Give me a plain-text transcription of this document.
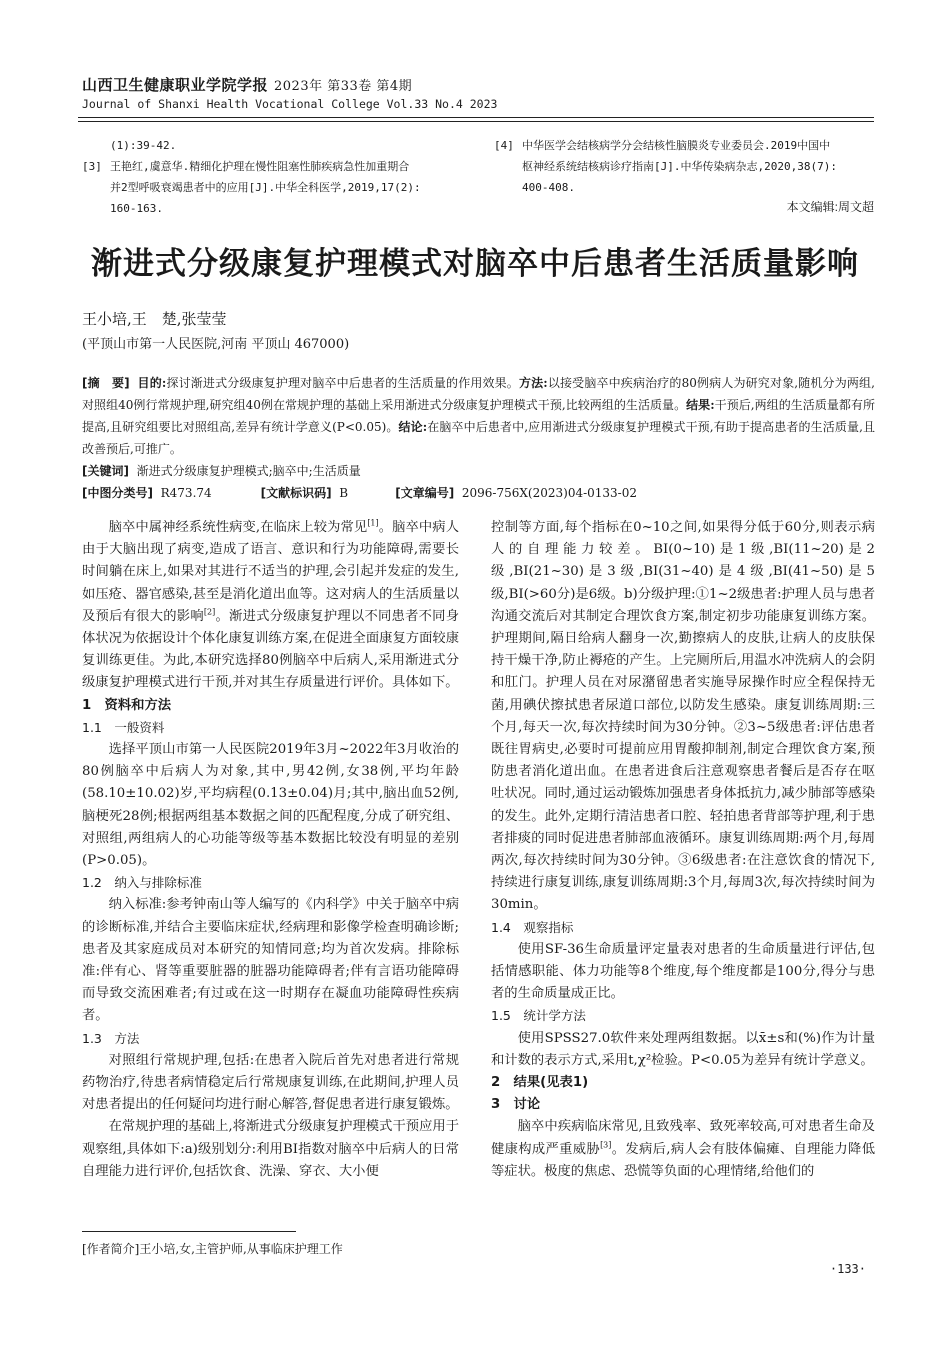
山西卫生健康职业学院学报 2023年 第33卷 第4期
Journal of Shanxi Health Vocational College Vol.33 No.4 2023
(1):39-42.
[3] 王艳红,虞意华.精细化护理在慢性阻塞性肺疾病急性加重期合
并2型呼吸衰竭患者中的应用[J].中华全科医学,2019,17(2):
160-163.
[4] 中华医学会结核病学分会结核性脑膜炎专业委员会.2019中国中
枢神经系统结核病诊疗指南[J].中华传染病杂志,2020,38(7):
400-408.
本文编辑:周文超
渐进式分级康复护理模式对脑卒中后患者生活质量影响
王小培,王　楚,张莹莹
(平顶山市第一人民医院,河南 平顶山 467000)

[摘　要] 目的:探讨渐进式分级康复护理对脑卒中后患者的生活质量的作用效果。方法:以接受脑卒中疾病治疗的80例病人为研究对象,随机分为两组,对照组40例行常规护理,研究组40例在常规护理的基础上采用渐进式分级康复护理模式干预,比较两组的生活质量。结果:干预后,两组的生活质量都有所提高,且研究组要比对照组高,差异有统计学意义(P<0.05)。结论:在脑卒中后患者中,应用渐进式分级康复护理模式干预,有助于提高患者的生活质量,且改善预后,可推广。

[关键词] 渐进式分级康复护理模式;脑卒中;生活质量

[中图分类号]
R473.74	[文献标识码]
B	[文章编号]
2096-756X(2023)04-0133-02

脑卒中属神经系统性病变,在临床上较为常见[1]。脑卒中病人由于大脑出现了病变,造成了语言、意识和行为功能障碍,需要长时间躺在床上,如果对其进行不适当的护理,会引起并发症的发生,如压疮、器官感染,甚至是消化道出血等。这对病人的生活质量以及预后有很大的影响[2]。渐进式分级康复护理以不同患者不同身体状况为依据设计个体化康复训练方案,在促进全面康复方面较康复训练更佳。为此,本研究选择80例脑卒中后病人,采用渐进式分级康复护理模式进行干预,并对其生存质量进行评价。具体如下。

1　资料和方法

1.1　一般资料

选择平顶山市第一人民医院2019年3月~2022年3月收治的80例脑卒中后病人为对象,其中,男42例,女38例,平均年龄(58.10±10.02)岁,平均病程(0.13±0.04)月;其中,脑出血52例,脑梗死28例;根据两组基本数据之间的匹配程度,分成了研究组、对照组,两组病人的心功能等级等基本数据比较没有明显的差别(P>0.05)。

1.2　纳入与排除标准

纳入标准:参考钟南山等人编写的《内科学》中关于脑卒中病的诊断标准,并结合主要临床症状,经病理和影像学检查明确诊断;患者及其家庭成员对本研究的知情同意;均为首次发病。排除标准:伴有心、肾等重要脏器的脏器功能障碍者;伴有言语功能障碍而导致交流困难者;有过或在这一时期存在凝血功能障碍性疾病者。

1.3　方法

对照组行常规护理,包括:在患者入院后首先对患者进行常规药物治疗,待患者病情稳定后行常规康复训练,在此期间,护理人员对患者提出的任何疑问均进行耐心解答,督促患者进行康复锻炼。

在常规护理的基础上,将渐进式分级康复护理模式干预应用于观察组,具体如下:a)级别划分:利用BI指数对脑卒中后病人的日常自理能力进行评价,包括饮食、洗澡、穿衣、大小便

控制等方面,每个指标在0~10之间,如果得分低于60分,则表示病人的自理能力较差。BI(0~10)是1级,BI(11~20)是2级,BI(21~30)是3级,BI(31~40)是4级,BI(41~50)是5级,BI(>60分)是6级。b)分级护理:①1~2级患者:护理人员与患者沟通交流后对其制定合理饮食方案,制定初步功能康复训练方案。护理期间,隔日给病人翻身一次,勤擦病人的皮肤,让病人的皮肤保持干燥干净,防止褥疮的产生。上完厕所后,用温水冲洗病人的会阴和肛门。护理人员在对尿潴留患者实施导尿操作时应全程保持无菌,用碘伏擦拭患者尿道口部位,以防发生感染。康复训练周期:三个月,每天一次,每次持续时间为30分钟。②3~5级患者:评估患者既往胃病史,必要时可提前应用胃酸抑制剂,制定合理饮食方案,预防患者消化道出血。在患者进食后注意观察患者餐后是否存在呕吐状况。同时,通过运动锻炼加强患者身体抵抗力,减少肺部等感染的发生。此外,定期行清洁患者口腔、轻拍患者背部等护理,利于患者排痰的同时促进患者肺部血液循环。康复训练周期:两个月,每周两次,每次持续时间为30分钟。③6级患者:在注意饮食的情况下,持续进行康复训练,康复训练周期:3个月,每周3次,每次持续时间为30min。

1.4　观察指标

使用SF-36生命质量评定量表对患者的生命质量进行评估,包括情感职能、体力功能等8个维度,每个维度都是100分,得分与患者的生命质量成正比。

1.5　统计学方法

使用SPSS27.0软件来处理两组数据。以x̄±s和(%)作为计量和计数的表示方式,采用t,χ²检验。P<0.05为差异有统计学意义。

2　结果(见表1)

3　讨论

脑卒中疾病临床常见,且致残率、致死率较高,可对患者生命及健康构成严重威胁[3]。发病后,病人会有肢体偏瘫、自理能力降低等症状。极度的焦虑、恐慌等负面的心理情绪,给他们的

[作者简介]王小培,女,主管护师,从事临床护理工作
·133·
